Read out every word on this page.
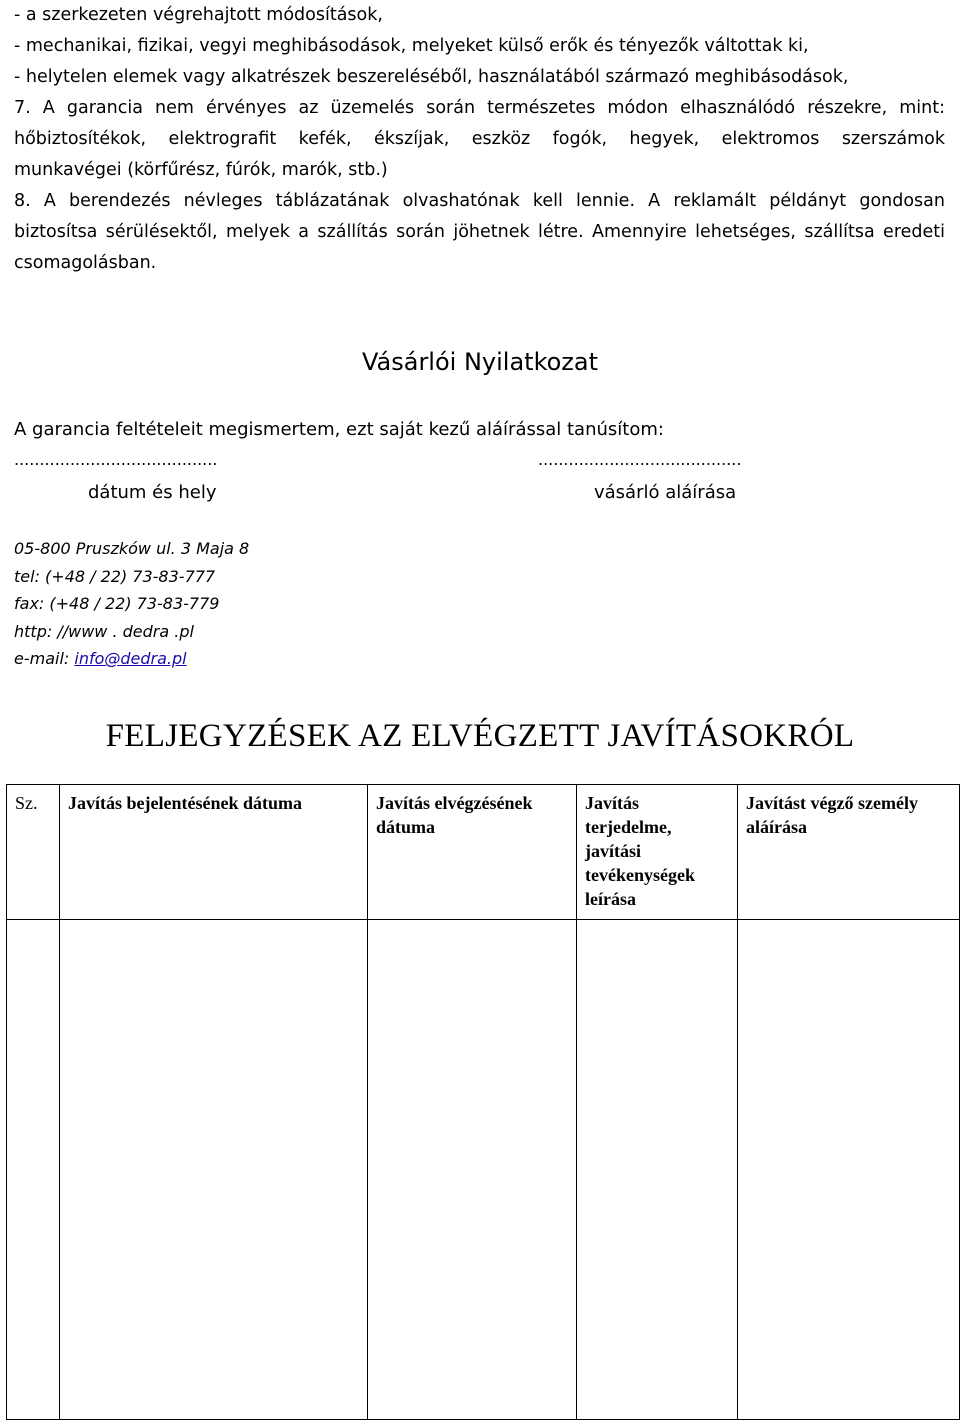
- a szerkezeten végrehajtott módosítások,
- mechanikai, fizikai, vegyi meghibásodások, melyeket külső erők és tényezők váltottak ki,
- helytelen elemek vagy alkatrészek beszereléséből, használatából származó meghibásodások,
7. A garancia nem érvényes az üzemelés során természetes módon elhasználódó részekre, mint:
hőbiztosítékok, elektrografit kefék, ékszíjak, eszköz fogók, hegyek, elektromos szerszámok
munkavégei (körfűrész, fúrók, marók, stb.)
8. A berendezés névleges táblázatának olvashatónak kell lennie. A reklamált példányt gondosan
biztosítsa sérülésektől, melyek a szállítás során jöhetnek létre. Amennyire lehetséges, szállítsa eredeti
csomagolásban.
Vásárlói Nyilatkozat
A garancia feltételeit megismertem, ezt saját kezű aláírással tanúsítom:
........................................	........................................
dátum és hely	vásárló aláírása
05-800 Pruszków ul. 3 Maja 8
tel: (+48 / 22) 73-83-777
fax: (+48 / 22) 73-83-779
http: //www . dedra .pl
e-mail: info@dedra.pl
FELJEGYZÉSEK AZ ELVÉGZETT JAVÍTÁSOKRÓL
Sz.	Javítás bejelentésének dátuma	Javítás elvégzésének dátuma	Javítás terjedelme, javítási tevékenységek leírása	Javítást végző személy aláírása
